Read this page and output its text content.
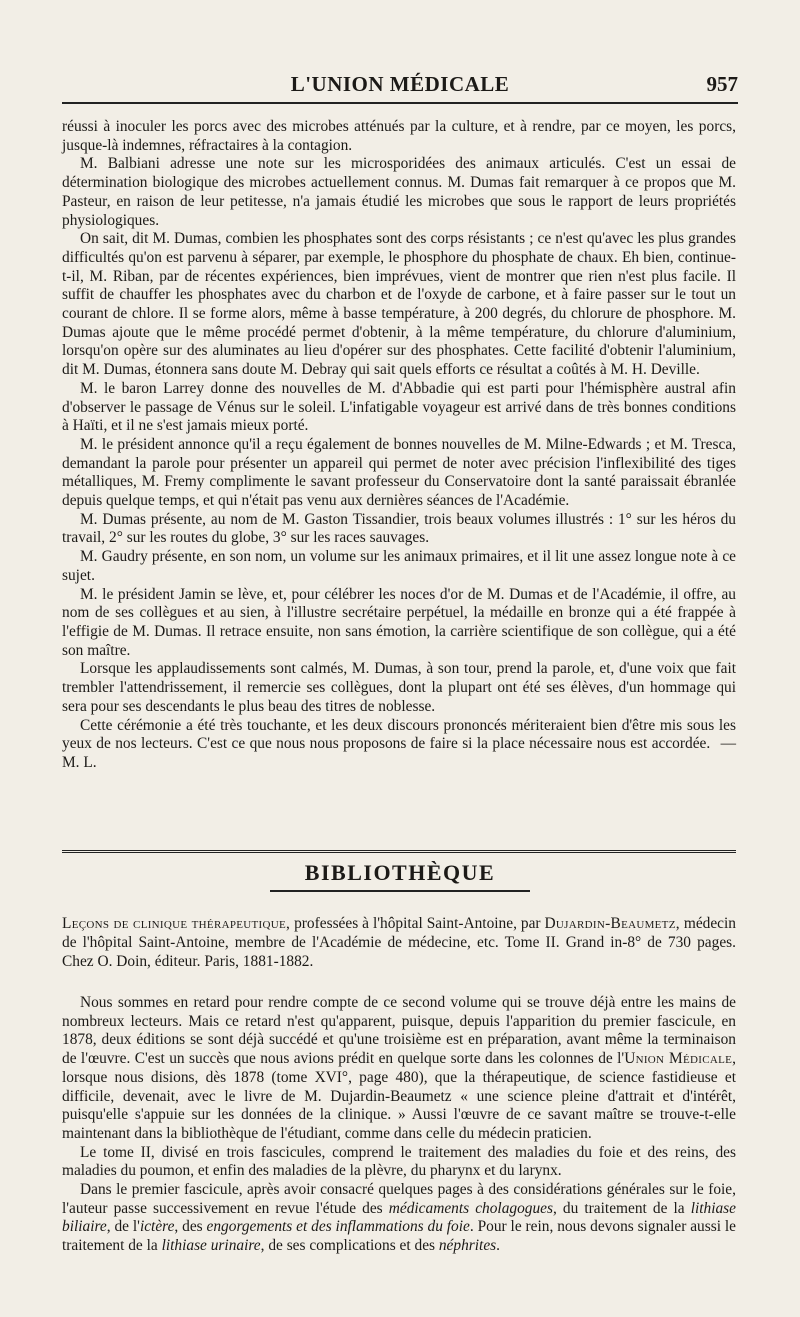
L'UNION MÉDICALE	957

réussi à inoculer les porcs avec des microbes atténués par la culture, et à rendre, par ce moyen, les porcs, jusque-là indemnes, réfractaires à la contagion.

M. Balbiani adresse une note sur les microsporidées des animaux articulés. C'est un essai de détermination biologique des microbes actuellement connus. M. Dumas fait remarquer à ce propos que M. Pasteur, en raison de leur petitesse, n'a jamais étudié les microbes que sous le rapport de leurs propriétés physiologiques.

On sait, dit M. Dumas, combien les phosphates sont des corps résistants ; ce n'est qu'avec les plus grandes difficultés qu'on est parvenu à séparer, par exemple, le phosphore du phosphate de chaux. Eh bien, continue-t-il, M. Riban, par de récentes expériences, bien imprévues, vient de montrer que rien n'est plus facile. Il suffit de chauffer les phosphates avec du charbon et de l'oxyde de carbone, et à faire passer sur le tout un courant de chlore. Il se forme alors, même à basse température, à 200 degrés, du chlorure de phosphore. M. Dumas ajoute que le même procédé permet d'obtenir, à la même température, du chlorure d'aluminium, lorsqu'on opère sur des aluminates au lieu d'opérer sur des phosphates. Cette facilité d'obtenir l'aluminium, dit M. Dumas, étonnera sans doute M. Debray qui sait quels efforts ce résultat a coûtés à M. H. Deville.

M. le baron Larrey donne des nouvelles de M. d'Abbadie qui est parti pour l'hémisphère austral afin d'observer le passage de Vénus sur le soleil. L'infatigable voyageur est arrivé dans de très bonnes conditions à Haïti, et il ne s'est jamais mieux porté.

M. le président annonce qu'il a reçu également de bonnes nouvelles de M. Milne-Edwards ; et M. Tresca, demandant la parole pour présenter un appareil qui permet de noter avec précision l'inflexibilité des tiges métalliques, M. Fremy complimente le savant professeur du Conservatoire dont la santé paraissait ébranlée depuis quelque temps, et qui n'était pas venu aux dernières séances de l'Académie.

M. Dumas présente, au nom de M. Gaston Tissandier, trois beaux volumes illustrés : 1° sur les héros du travail, 2° sur les routes du globe, 3° sur les races sauvages.

M. Gaudry présente, en son nom, un volume sur les animaux primaires, et il lit une assez longue note à ce sujet.

M. le président Jamin se lève, et, pour célébrer les noces d'or de M. Dumas et de l'Académie, il offre, au nom de ses collègues et au sien, à l'illustre secrétaire perpétuel, la médaille en bronze qui a été frappée à l'effigie de M. Dumas. Il retrace ensuite, non sans émotion, la carrière scientifique de son collègue, qui a été son maître.

Lorsque les applaudissements sont calmés, M. Dumas, à son tour, prend la parole, et, d'une voix que fait trembler l'attendrissement, il remercie ses collègues, dont la plupart ont été ses élèves, d'un hommage qui sera pour ses descendants le plus beau des titres de noblesse.

Cette cérémonie a été très touchante, et les deux discours prononcés mériteraient bien d'être mis sous les yeux de nos lecteurs. C'est ce que nous nous proposons de faire si la place nécessaire nous est accordée. — M. L.

BIBLIOTHÈQUE

Leçons de clinique thérapeutique, professées à l'hôpital Saint-Antoine, par Dujardin-Beaumetz, médecin de l'hôpital Saint-Antoine, membre de l'Académie de médecine, etc. Tome II. Grand in-8° de 730 pages. Chez O. Doin, éditeur. Paris, 1881-1882.

Nous sommes en retard pour rendre compte de ce second volume qui se trouve déjà entre les mains de nombreux lecteurs. Mais ce retard n'est qu'apparent, puisque, depuis l'apparition du premier fascicule, en 1878, deux éditions se sont déjà succédé et qu'une troisième est en préparation, avant même la terminaison de l'œuvre. C'est un succès que nous avions prédit en quelque sorte dans les colonnes de l'Union Médicale, lorsque nous disions, dès 1878 (tome XVI°, page 480), que la thérapeutique, de science fastidieuse et difficile, devenait, avec le livre de M. Dujardin-Beaumetz « une science pleine d'attrait et d'intérêt, puisqu'elle s'appuie sur les données de la clinique. » Aussi l'œuvre de ce savant maître se trouve-t-elle maintenant dans la bibliothèque de l'étudiant, comme dans celle du médecin praticien.

Le tome II, divisé en trois fascicules, comprend le traitement des maladies du foie et des reins, des maladies du poumon, et enfin des maladies de la plèvre, du pharynx et du larynx.

Dans le premier fascicule, après avoir consacré quelques pages à des considérations générales sur le foie, l'auteur passe successivement en revue l'étude des médicaments cholagogues, du traitement de la lithiase biliaire, de l'ictère, des engorgements et des inflammations du foie. Pour le rein, nous devons signaler aussi le traitement de la lithiase urinaire, de ses complications et des néphrites.
